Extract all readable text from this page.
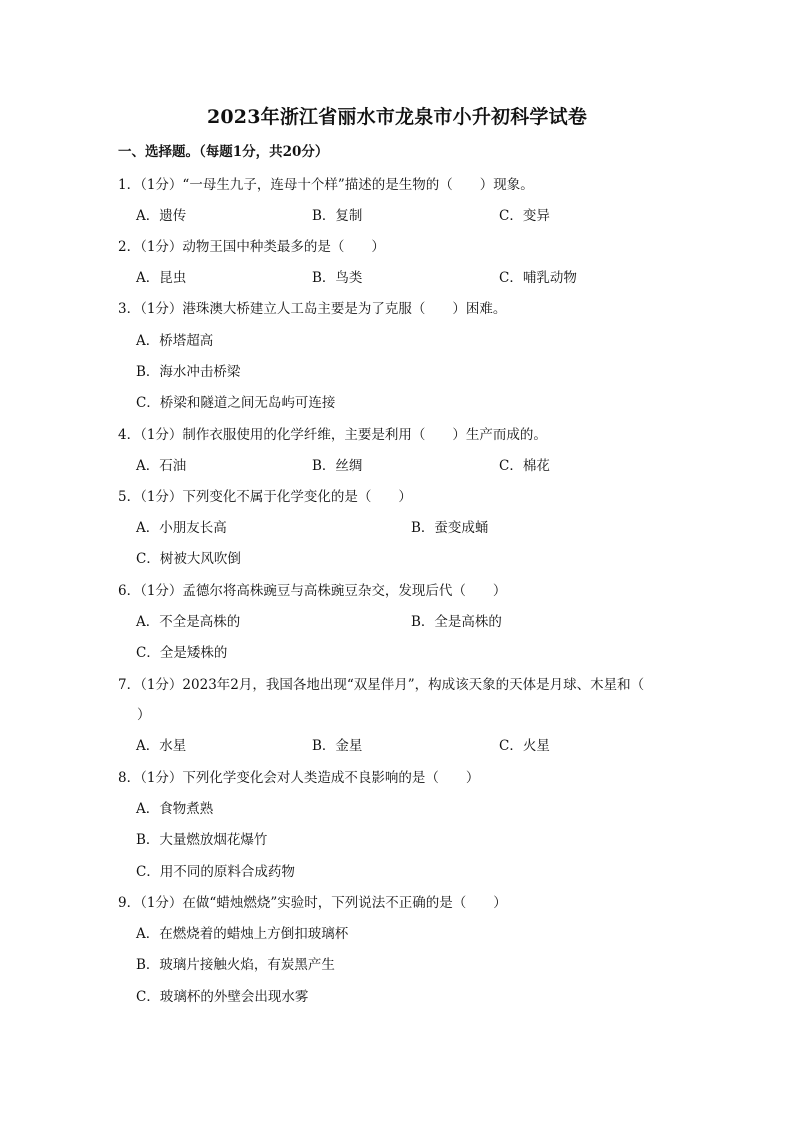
2023年浙江省丽水市龙泉市小升初科学试卷
一、选择题。（每题1分，共20分）
1．（1分）“一母生九子，连母十个样”描述的是生物的（　　）现象。
A．遗传	B．复制	C．变异
2．（1分）动物王国中种类最多的是（　　）
A．昆虫	B．鸟类	C．哺乳动物
3．（1分）港珠澳大桥建立人工岛主要是为了克服（　　）困难。
A．桥塔超高
B．海水冲击桥梁
C．桥梁和隧道之间无岛屿可连接
4．（1分）制作衣服使用的化学纤维，主要是利用（　　）生产而成的。
A．石油	B．丝绸	C．棉花
5．（1分）下列变化不属于化学变化的是（　　）
A．小朋友长高	B．蚕变成蛹
C．树被大风吹倒
6．（1分）孟德尔将高株豌豆与高株豌豆杂交，发现后代（　　）
A．不全是高株的	B．全是高株的
C．全是矮株的
7．（1分）2023年2月，我国各地出现“双星伴月”，构成该天象的天体是月球、木星和（
）
A．水星	B．金星	C．火星
8．（1分）下列化学变化会对人类造成不良影响的是（　　）
A．食物煮熟
B．大量燃放烟花爆竹
C．用不同的原料合成药物
9．（1分）在做“蜡烛燃烧”实验时，下列说法不正确的是（　　）
A．在燃烧着的蜡烛上方倒扣玻璃杯
B．玻璃片接触火焰，有炭黑产生
C．玻璃杯的外壁会出现水雾
